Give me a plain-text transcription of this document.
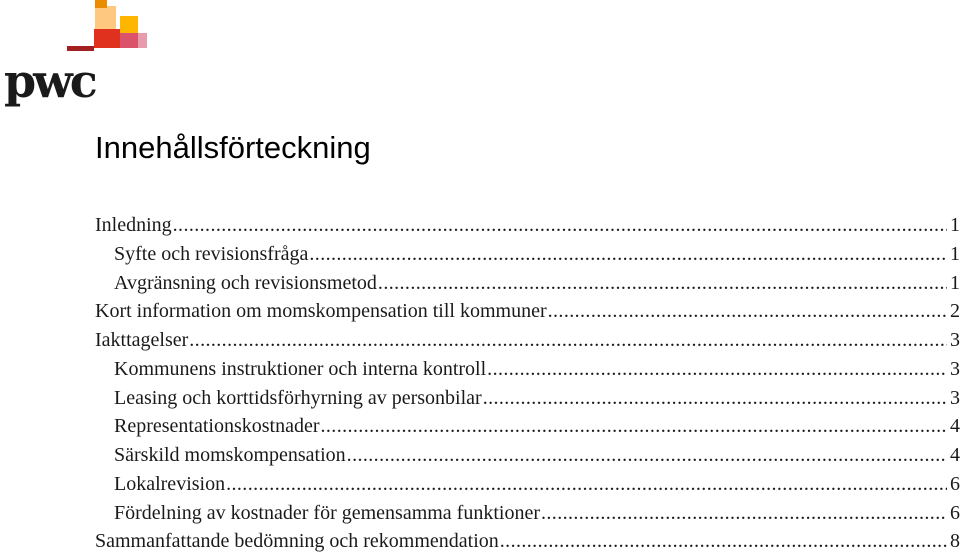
pwc
Innehållsförteckning
Inledning .....	1
Syfte och revisionsfråga .....	1
Avgränsning och revisionsmetod .....	1
Kort information om momskompensation till kommuner .....	2
Iakttagelser .....	3
Kommunens instruktioner och interna kontroll .....	3
Leasing och korttidsförhyrning av personbilar .....	3
Representationskostnader .....	4
Särskild momskompensation .....	4
Lokalrevision .....	6
Fördelning av kostnader för gemensamma funktioner .....	6
Sammanfattande bedömning och rekommendation .....	8
